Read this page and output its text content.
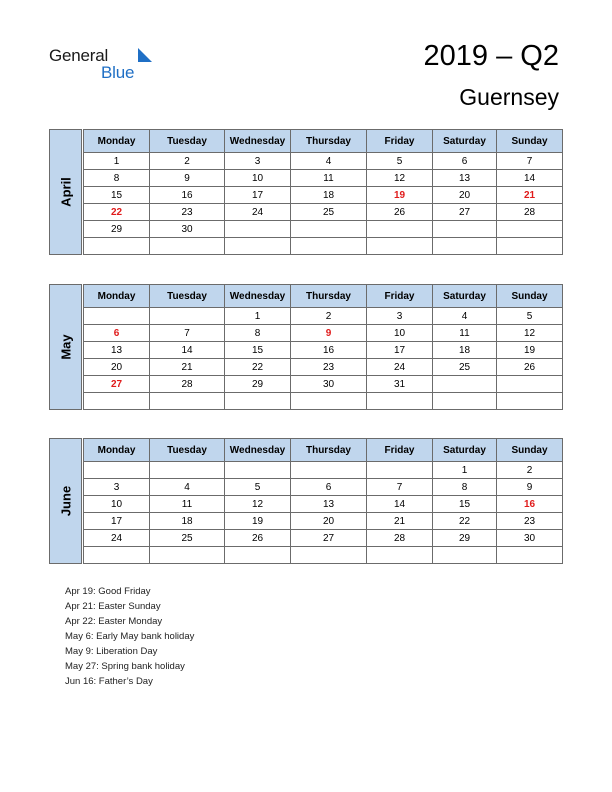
General
Blue
2019 – Q2
Guernsey
April
Monday	Tuesday	Wednesday	Thursday	Friday	Saturday	Sunday
1	2	3	4	5	6	7
8	9	10	11	12	13	14
15	16	17	18	19	20	21
22	23	24	25	26	27	28
29	30					

May
Monday	Tuesday	Wednesday	Thursday	Friday	Saturday	Sunday
		1	2	3	4	5
6	7	8	9	10	11	12
13	14	15	16	17	18	19
20	21	22	23	24	25	26
27	28	29	30	31		

June
Monday	Tuesday	Wednesday	Thursday	Friday	Saturday	Sunday
					1	2
3	4	5	6	7	8	9
10	11	12	13	14	15	16
17	18	19	20	21	22	23
24	25	26	27	28	29	30

Apr 19: Good Friday
Apr 21: Easter Sunday
Apr 22: Easter Monday
May 6: Early May bank holiday
May 9: Liberation Day
May 27: Spring bank holiday
Jun 16: Father’s Day
